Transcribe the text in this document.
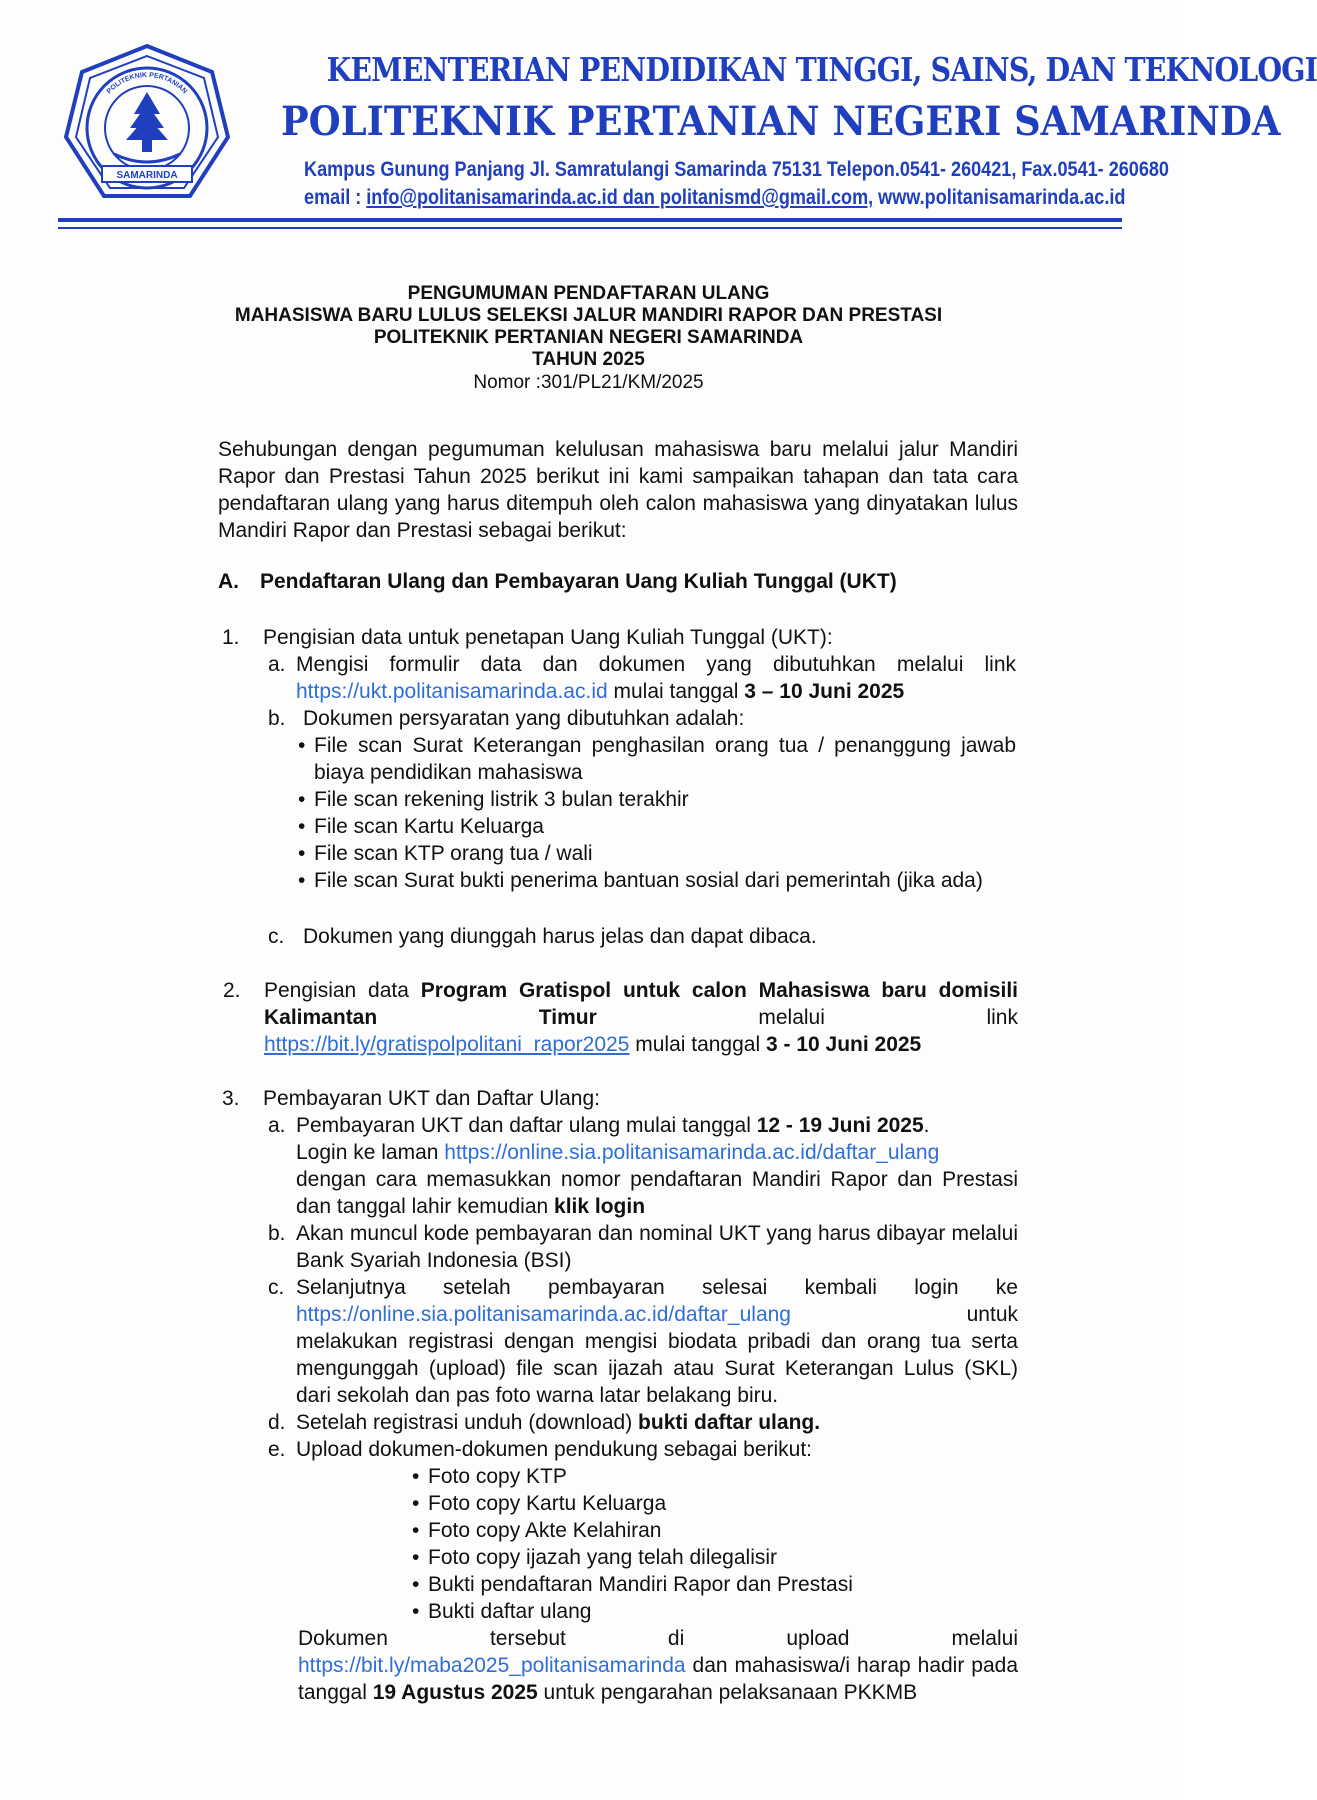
SAMARINDA
POLITEKNIK PERTANIAN
KEMENTERIAN PENDIDIKAN TINGGI, SAINS, DAN TEKNOLOGI
POLITEKNIK PERTANIAN NEGERI SAMARINDA
Kampus Gunung Panjang Jl. Samratulangi Samarinda 75131 Telepon.0541- 260421, Fax.0541- 260680
email : info@politanisamarinda.ac.id dan politanismd@gmail.com, www.politanisamarinda.ac.id
PENGUMUMAN PENDAFTARAN ULANG
MAHASISWA BARU LULUS SELEKSI JALUR MANDIRI RAPOR DAN PRESTASI
POLITEKNIK PERTANIAN NEGERI SAMARINDA
TAHUN 2025
Nomor :301/PL21/KM/2025
Sehubungan dengan pegumuman kelulusan mahasiswa baru melalui jalur Mandiri Rapor dan Prestasi Tahun 2025 berikut ini kami sampaikan tahapan dan tata cara pendaftaran ulang yang harus ditempuh oleh calon mahasiswa yang dinyatakan lulus Mandiri Rapor dan Prestasi sebagai berikut:
A. Pendaftaran Ulang dan Pembayaran Uang Kuliah Tunggal (UKT)
1. Pengisian data untuk penetapan Uang Kuliah Tunggal (UKT):
a. Mengisi formulir data dan dokumen yang dibutuhkan melalui link
https://ukt.politanisamarinda.ac.id mulai tanggal 3 – 10 Juni 2025
b. Dokumen persyaratan yang dibutuhkan adalah:
• File scan Surat Keterangan penghasilan orang tua / penanggung jawab biaya pendidikan mahasiswa
• File scan rekening listrik 3 bulan terakhir
• File scan Kartu Keluarga
• File scan KTP orang tua / wali
• File scan Surat bukti penerima bantuan sosial dari pemerintah (jika ada)
c. Dokumen yang diunggah harus jelas dan dapat dibaca.
2. Pengisian data Program Gratispol untuk calon Mahasiswa baru domisili Kalimantan Timur melalui link
https://bit.ly/gratispolpolitani_rapor2025 mulai tanggal 3 - 10 Juni 2025
3. Pembayaran UKT dan Daftar Ulang:
a. Pembayaran UKT dan daftar ulang mulai tanggal 12 - 19 Juni 2025.
Login ke laman https://online.sia.politanisamarinda.ac.id/daftar_ulang
dengan cara memasukkan nomor pendaftaran Mandiri Rapor dan Prestasi dan tanggal lahir kemudian klik login
b. Akan muncul kode pembayaran dan nominal UKT yang harus dibayar melalui Bank Syariah Indonesia (BSI)
c. Selanjutnya setelah pembayaran selesai kembali login ke
https://online.sia.politanisamarinda.ac.id/daftar_ulang	untuk
melakukan registrasi dengan mengisi biodata pribadi dan orang tua serta mengunggah (upload) file scan ijazah atau Surat Keterangan Lulus (SKL) dari sekolah dan pas foto warna latar belakang biru.
d. Setelah registrasi unduh (download) bukti daftar ulang.
e. Upload dokumen-dokumen pendukung sebagai berikut:
• Foto copy KTP
• Foto copy Kartu Keluarga
• Foto copy Akte Kelahiran
• Foto copy ijazah yang telah dilegalisir
• Bukti pendaftaran Mandiri Rapor dan Prestasi
• Bukti daftar ulang
Dokumen tersebut di upload melalui
https://bit.ly/maba2025_politanisamarinda dan mahasiswa/i harap hadir pada tanggal 19 Agustus 2025 untuk pengarahan pelaksanaan PKKMB
